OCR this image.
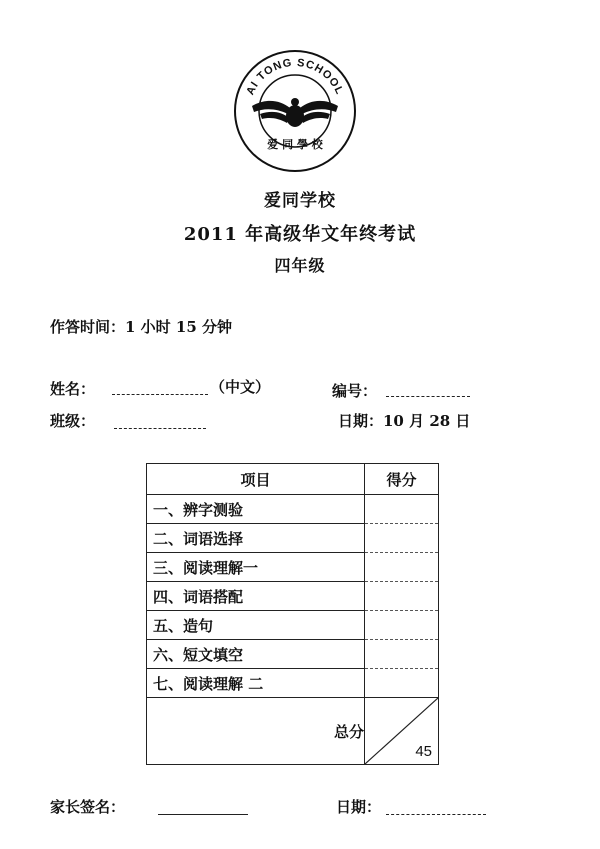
AI TONG SCHOOL
爱 同 學 校
爱同学校
2011 年高级华文年终考试
四年级
作答时间：1 小时 15 分钟
姓名：	（中文）	编号：
班级：	日期：10 月 28 日
项目	得分
一、辨字测验	
二、词语选择	
三、阅读理解一	
四、词语搭配	
五、造句	
六、短文填空	
七、阅读理解 二	
总分	45
家长签名：	日期：
